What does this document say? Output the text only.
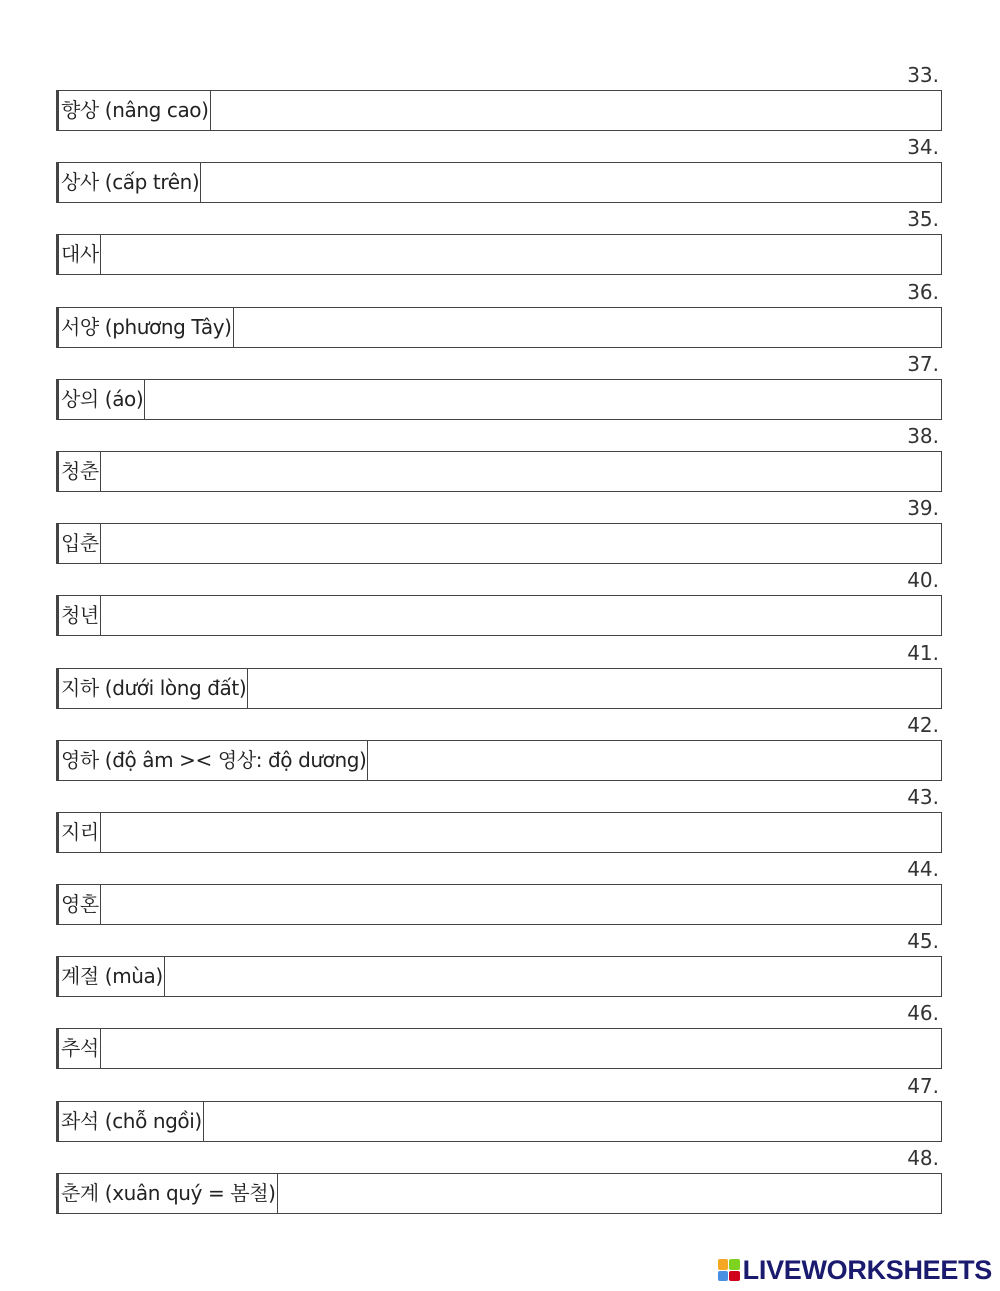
33.
향상 (nâng cao)
34.
상사 (cấp trên)
35.
대사
36.
서양 (phương Tây)
37.
상의 (áo)
38.
청춘
39.
입춘
40.
청년
41.
지하 (dưới lòng đất)
42.
영하 (độ âm >< 영상: độ dương)
43.
지리
44.
영혼
45.
계절 (mùa)
46.
추석
47.
좌석 (chỗ ngồi)
48.
춘계 (xuân quý = 봄철)
LIVEWORKSHEETS
